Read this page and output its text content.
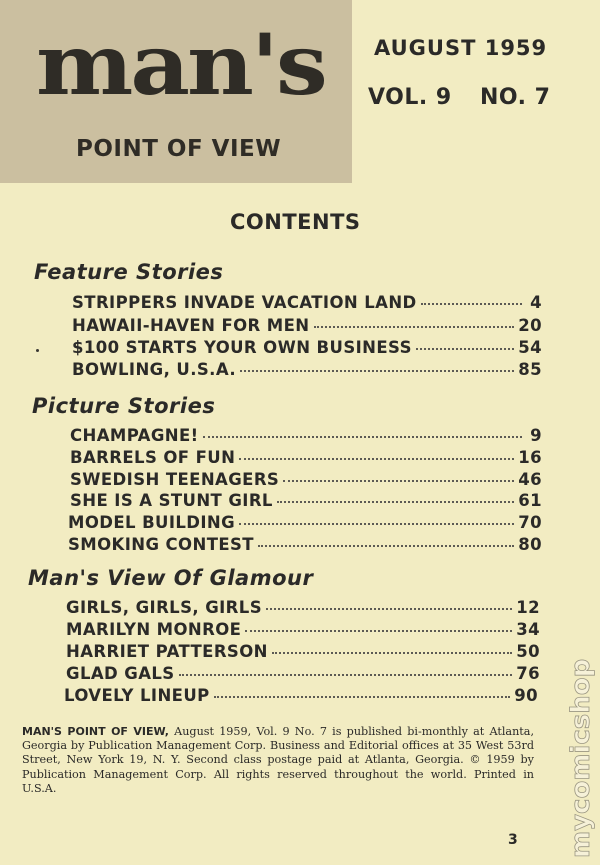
man's
POINT OF VIEW
AUGUST 1959
VOL. 9 NO. 7
CONTENTS
Feature Stories
STRIPPERS INVADE VACATION LAND	4
HAWAII-HAVEN FOR MEN	20
$100 STARTS YOUR OWN BUSINESS	54
BOWLING, U.S.A.	85
Picture Stories
CHAMPAGNE!	9
BARRELS OF FUN	16
SWEDISH TEENAGERS	46
SHE IS A STUNT GIRL	61
MODEL BUILDING	70
SMOKING CONTEST	80
Man's View Of Glamour
GIRLS, GIRLS, GIRLS	12
MARILYN MONROE	34
HARRIET PATTERSON	50
GLAD GALS	76
LOVELY LINEUP	90
MAN'S POINT OF VIEW, August 1959, Vol. 9 No. 7 is published bi-monthly at Atlanta, Georgia by Publication Management Corp. Business and Editorial offices at 35 West 53rd Street, New York 19, N. Y. Second class postage paid at Atlanta, Georgia. © 1959 by Publication Management Corp. All rights reserved throughout the world. Printed in U.S.A.
3 mycomicshop
